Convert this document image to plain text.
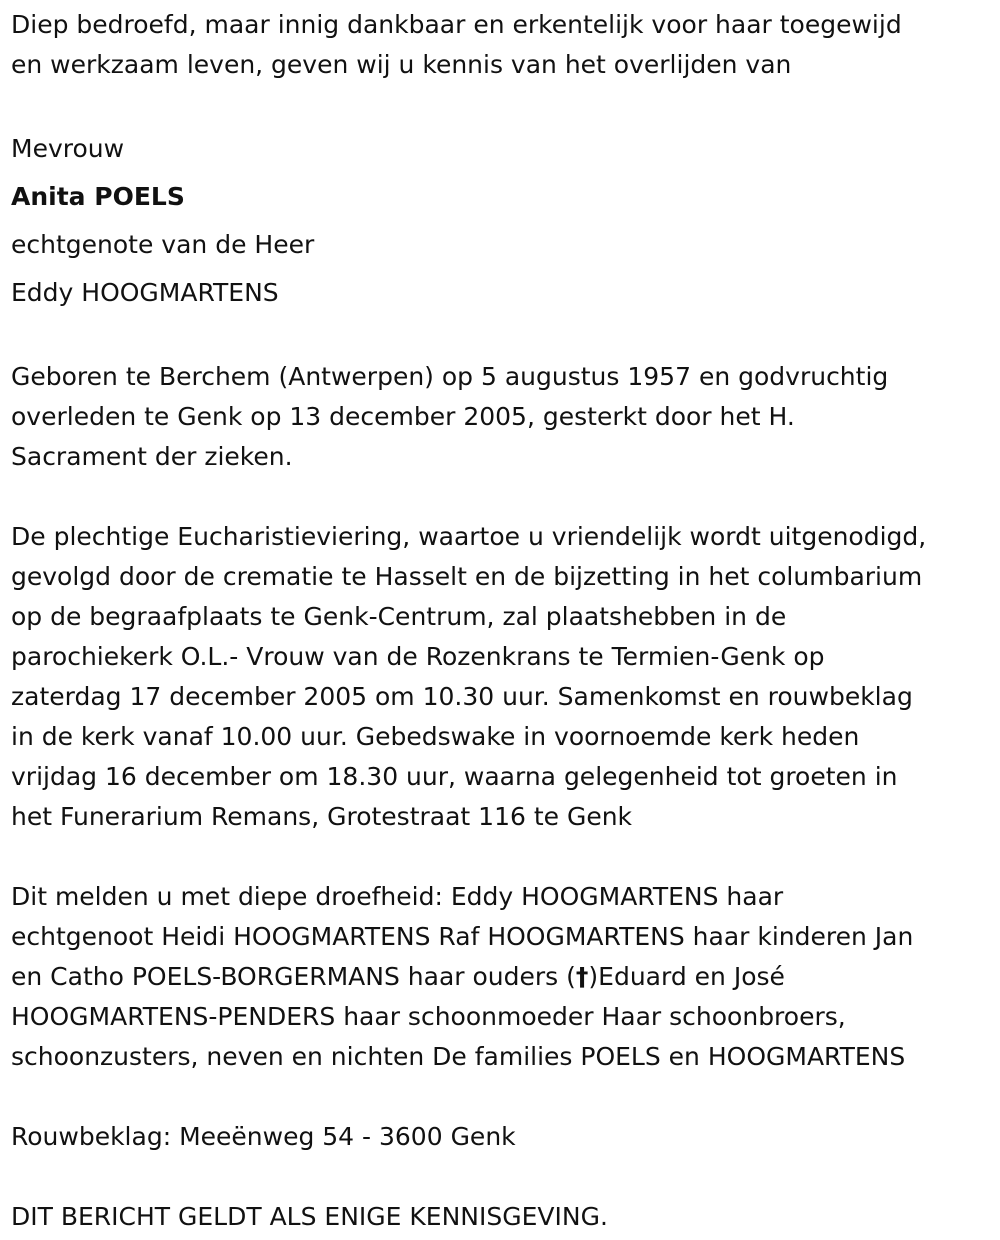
Diep bedroefd, maar innig dankbaar en erkentelijk voor haar toegewijd
en werkzaam leven, geven wij u kennis van het overlijden van
Mevrouw
Anita POELS
echtgenote van de Heer
Eddy HOOGMARTENS
Geboren te Berchem (Antwerpen) op 5 augustus 1957 en godvruchtig
overleden te Genk op 13 december 2005, gesterkt door het H.
Sacrament der zieken.
De plechtige Eucharistieviering, waartoe u vriendelijk wordt uitgenodigd,
gevolgd door de crematie te Hasselt en de bijzetting in het columbarium
op de begraafplaats te Genk-Centrum, zal plaatshebben in de
parochiekerk O.L.- Vrouw van de Rozenkrans te Termien-Genk op
zaterdag 17 december 2005 om 10.30 uur. Samenkomst en rouwbeklag
in de kerk vanaf 10.00 uur. Gebedswake in voornoemde kerk heden
vrijdag 16 december om 18.30 uur, waarna gelegenheid tot groeten in
het Funerarium Remans, Grotestraat 116 te Genk
Dit melden u met diepe droefheid: Eddy HOOGMARTENS haar
echtgenoot Heidi HOOGMARTENS Raf HOOGMARTENS haar kinderen Jan
en Catho POELS-BORGERMANS haar ouders (†)Eduard en José
HOOGMARTENS-PENDERS haar schoonmoeder Haar schoonbroers,
schoonzusters, neven en nichten De families POELS en HOOGMARTENS
Rouwbeklag: Meeënweg 54 - 3600 Genk
DIT BERICHT GELDT ALS ENIGE KENNISGEVING.
